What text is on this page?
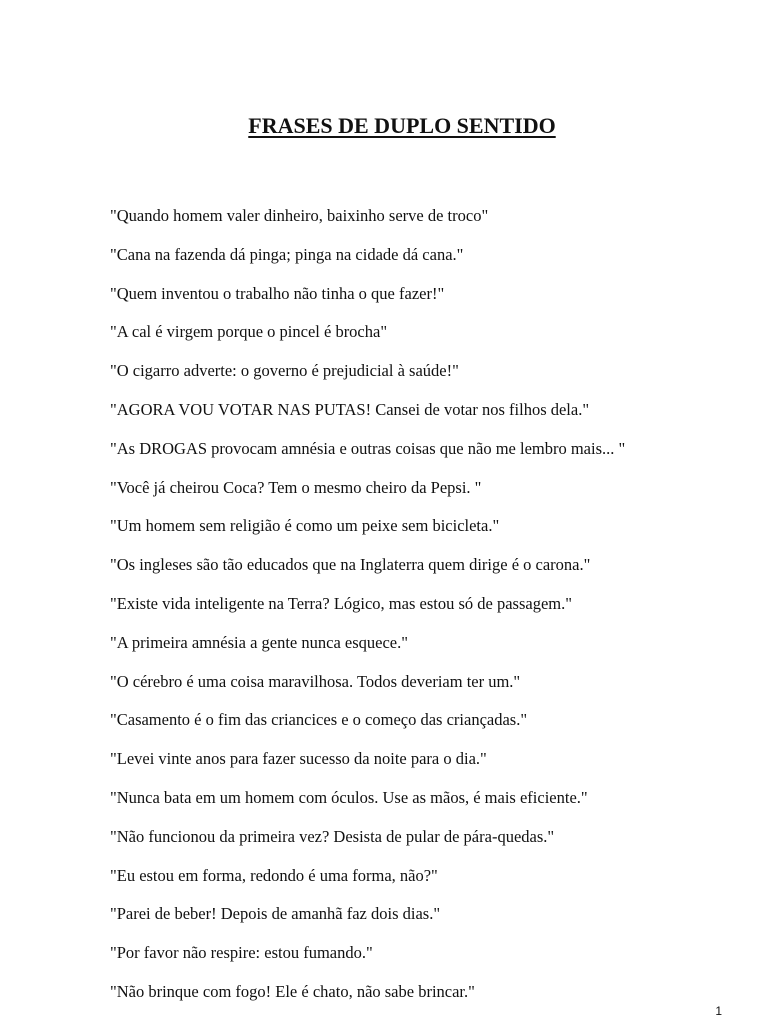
FRASES DE DUPLO SENTIDO
"Quando homem valer dinheiro, baixinho serve de troco"
"Cana na fazenda dá pinga; pinga na cidade dá cana."
"Quem inventou o trabalho não tinha o que fazer!"
"A cal é virgem porque o pincel é brocha"
"O cigarro adverte: o governo é prejudicial à saúde!"
"AGORA VOU VOTAR NAS PUTAS! Cansei de votar nos filhos dela."
"As DROGAS provocam amnésia e outras coisas que não me lembro mais... "
"Você já cheirou Coca? Tem o mesmo cheiro da Pepsi. "
"Um homem sem religião é como um peixe sem bicicleta."
"Os ingleses são tão educados que na Inglaterra quem dirige é o carona."
"Existe vida inteligente na Terra? Lógico, mas estou só de passagem."
"A primeira amnésia a gente nunca esquece."
"O cérebro é uma coisa maravilhosa. Todos deveriam ter um."
"Casamento é o fim das criancices e o começo das criançadas."
"Levei vinte anos para fazer sucesso da noite para o dia."
"Nunca bata em um homem com óculos. Use as mãos, é mais eficiente."
"Não funcionou da primeira vez? Desista de pular de pára-quedas."
"Eu estou em forma, redondo é uma forma, não?"
"Parei de beber! Depois de amanhã faz dois dias."
"Por favor não respire: estou fumando."
"Não brinque com fogo! Ele é chato, não sabe brincar."
1
